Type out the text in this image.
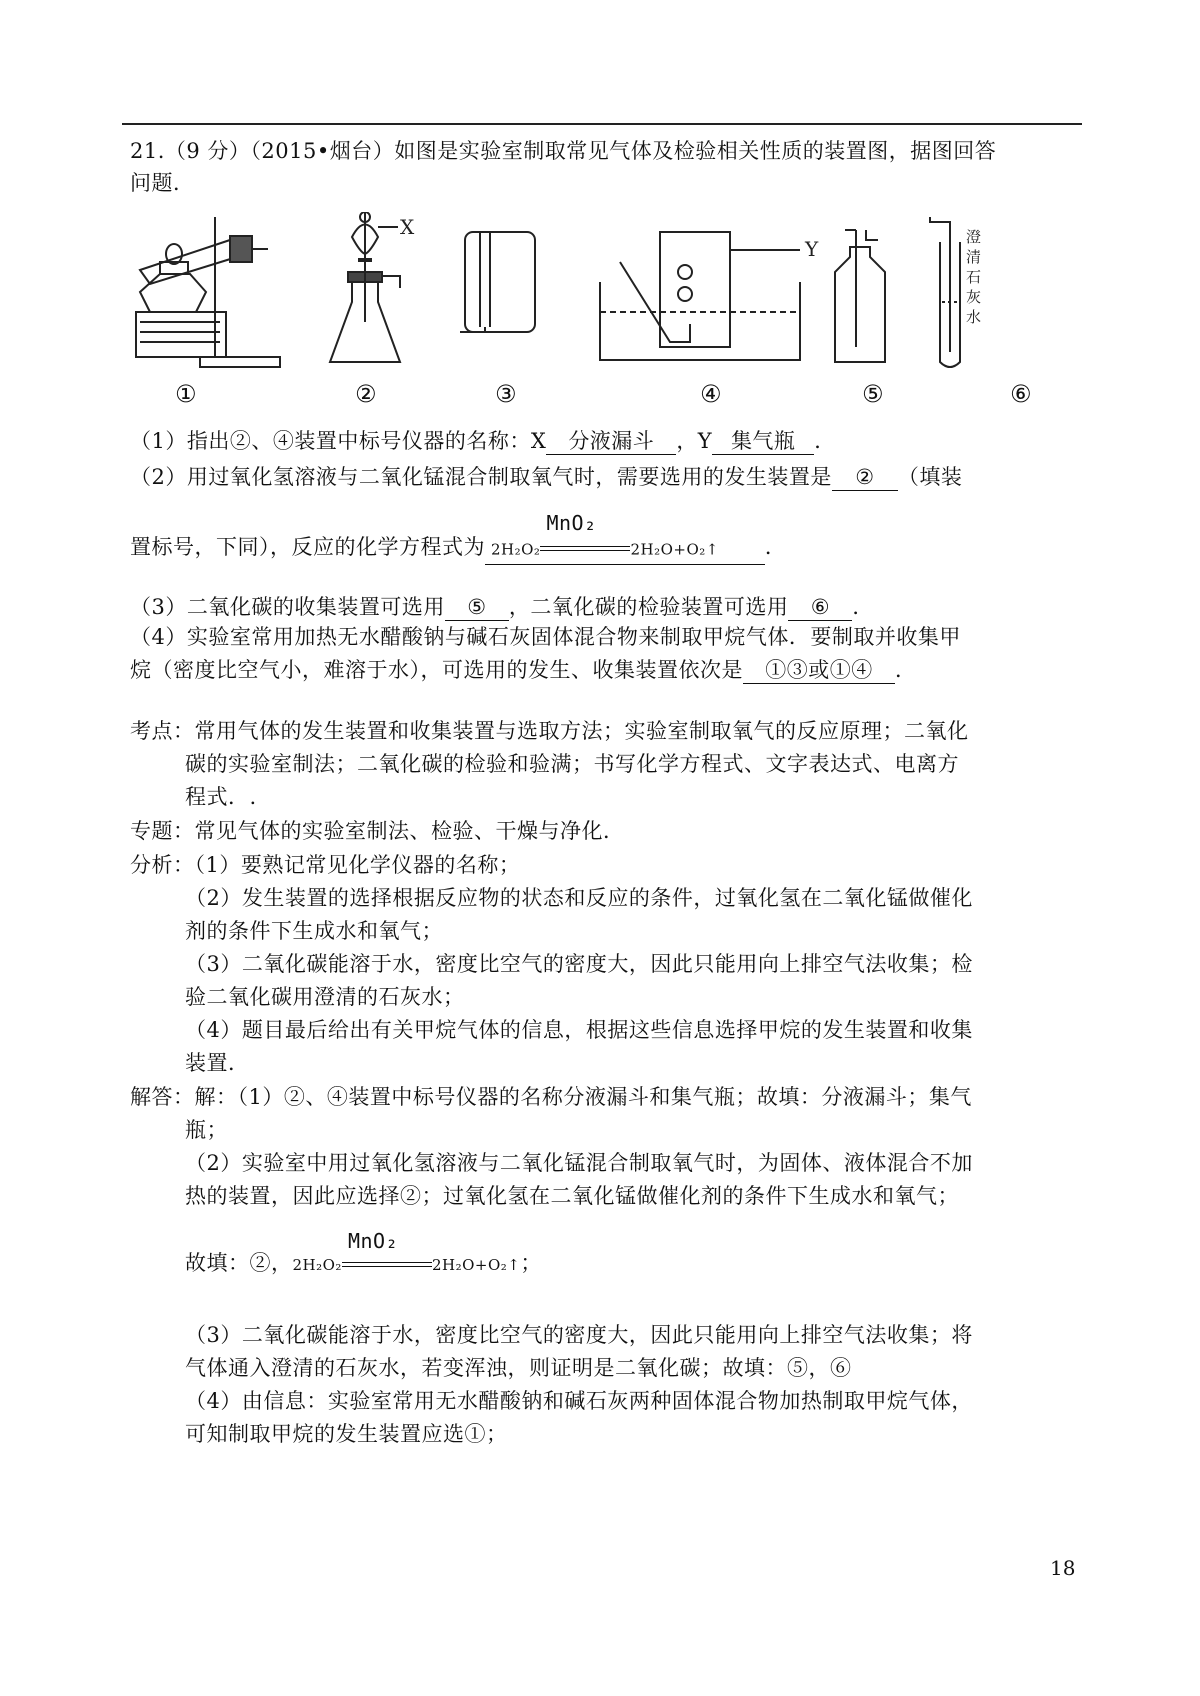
21.（9 分）（2015•烟台）如图是实验室制取常见气体及检验相关性质的装置图，据图回答
问题．
X
Y	澄
清
石
灰
水
①	②	③	④	⑤	⑥
（1）指出②、④装置中标号仪器的名称：X 分液漏斗 ，Y 集气瓶 ．
（2）用过氧化氢溶液与二氧化锰混合制取氧气时，需要选用的发生装置是 ② （填装
置标号，下同），反应的化学方程式为 2H₂O₂
MnO₂
2H₂O+O₂↑ ．
（3）二氧化碳的收集装置可选用 ⑤ ，二氧化碳的检验装置可选用 ⑥ ．
（4）实验室常用加热无水醋酸钠与碱石灰固体混合物来制取甲烷气体．要制取并收集甲
烷（密度比空气小，难溶于水），可选用的发生、收集装置依次是 ①③或①④ ．
考点：常用气体的发生装置和收集装置与选取方法；实验室制取氧气的反应原理；二氧化
碳的实验室制法；二氧化碳的检验和验满；书写化学方程式、文字表达式、电离方
程式．.
专题：常见气体的实验室制法、检验、干燥与净化．
分析：（1）要熟记常见化学仪器的名称；
（2）发生装置的选择根据反应物的状态和反应的条件，过氧化氢在二氧化锰做催化
剂的条件下生成水和氧气；
（3）二氧化碳能溶于水，密度比空气的密度大，因此只能用向上排空气法收集；检
验二氧化碳用澄清的石灰水；
（4）题目最后给出有关甲烷气体的信息，根据这些信息选择甲烷的发生装置和收集
装置．
解答：解：（1）②、④装置中标号仪器的名称分液漏斗和集气瓶；故填：分液漏斗；集气
瓶；
（2）实验室中用过氧化氢溶液与二氧化锰混合制取氧气时，为固体、液体混合不加
热的装置，因此应选择②；过氧化氢在二氧化锰做催化剂的条件下生成水和氧气；
故填：②，2H₂O₂
MnO₂
2H₂O+O₂↑；
（3）二氧化碳能溶于水，密度比空气的密度大，因此只能用向上排空气法收集；将
气体通入澄清的石灰水，若变浑浊，则证明是二氧化碳；故填：⑤，⑥
（4）由信息：实验室常用无水醋酸钠和碱石灰两种固体混合物加热制取甲烷气体，
可知制取甲烷的发生装置应选①；
18
